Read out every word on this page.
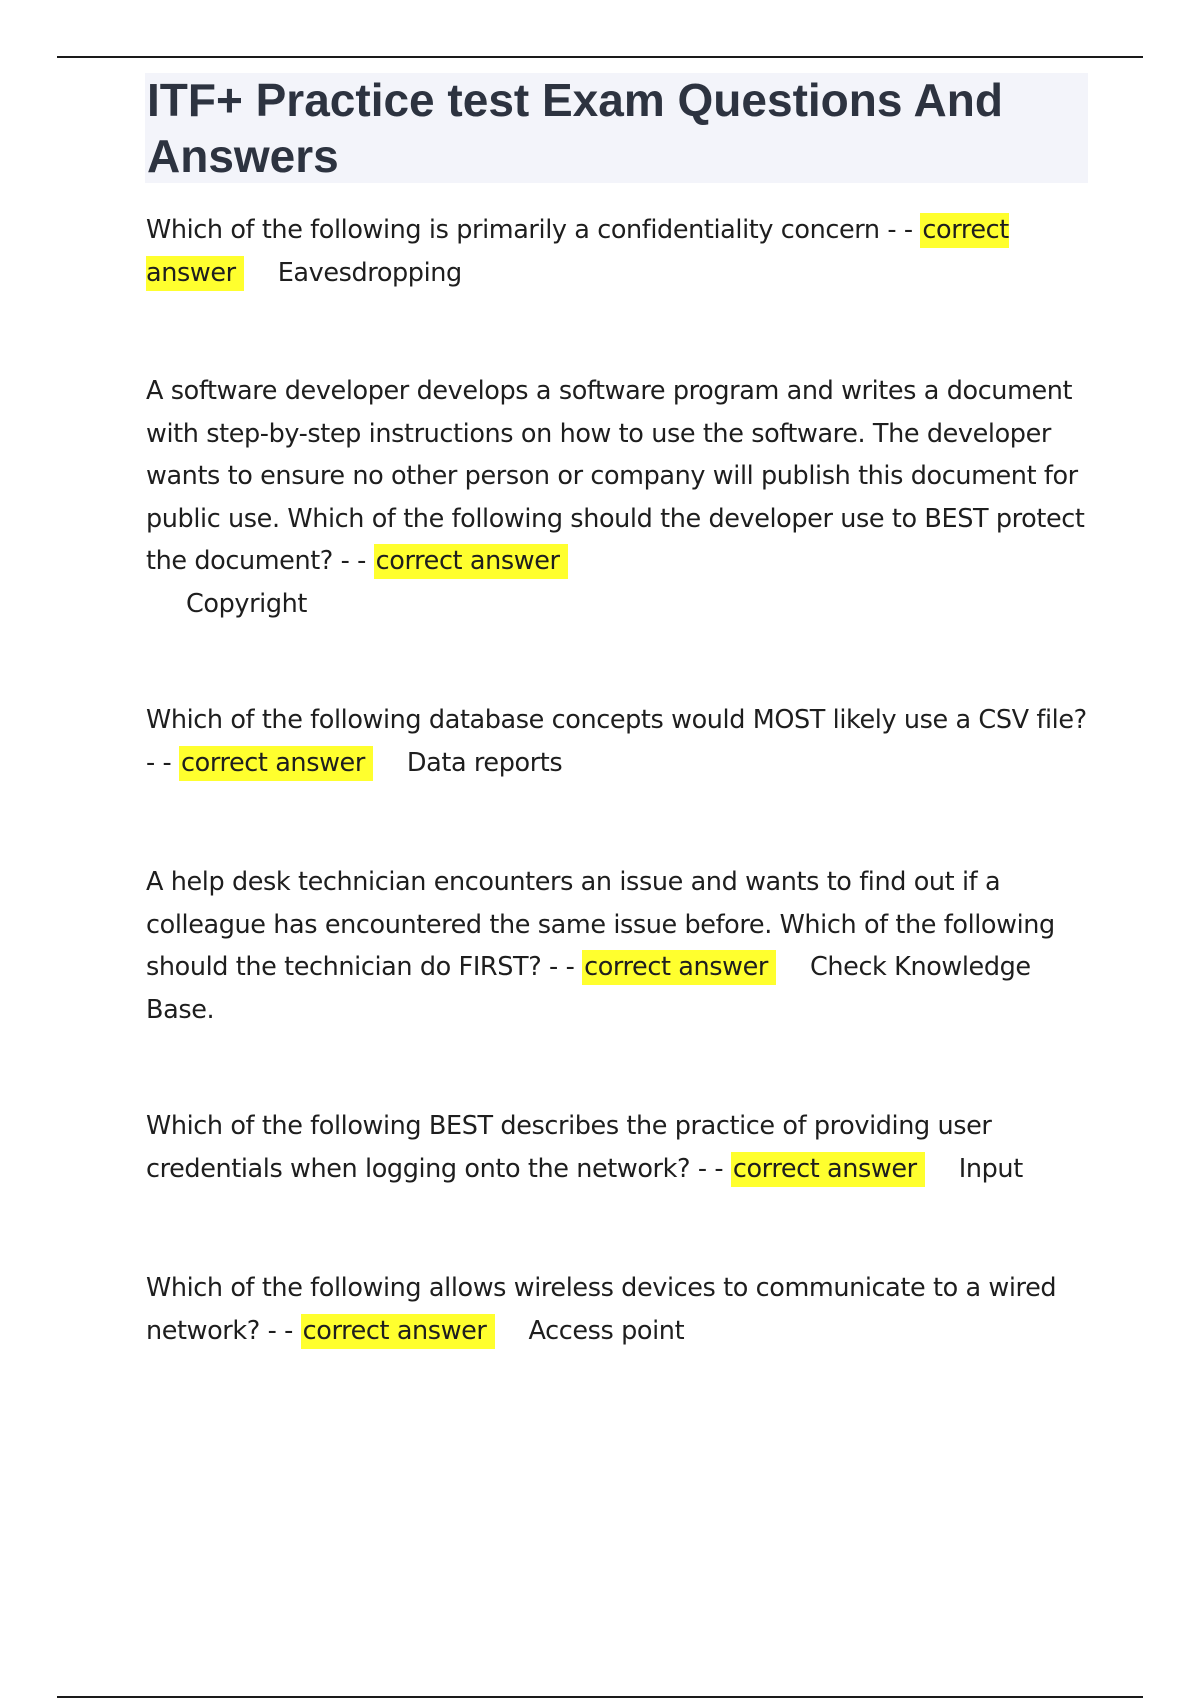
ITF+ Practice test Exam Questions And Answers

Which of the following is primarily a confidentiality concern - - correct answer Eavesdropping

A software developer develops a software program and writes a document with step-by-step instructions on how to use the software. The developer wants to ensure no other person or company will publish this document for public use. Which of the following should the developer use to BEST protect the document? - - correct answer
Copyright

Which of the following database concepts would MOST likely use a CSV file? - - correct answer Data reports

A help desk technician encounters an issue and wants to find out if a colleague has encountered the same issue before. Which of the following should the technician do FIRST? - - correct answer Check Knowledge Base.

Which of the following BEST describes the practice of providing user credentials when logging onto the network? - - correct answer Input

Which of the following allows wireless devices to communicate to a wired network? - - correct answer Access point
